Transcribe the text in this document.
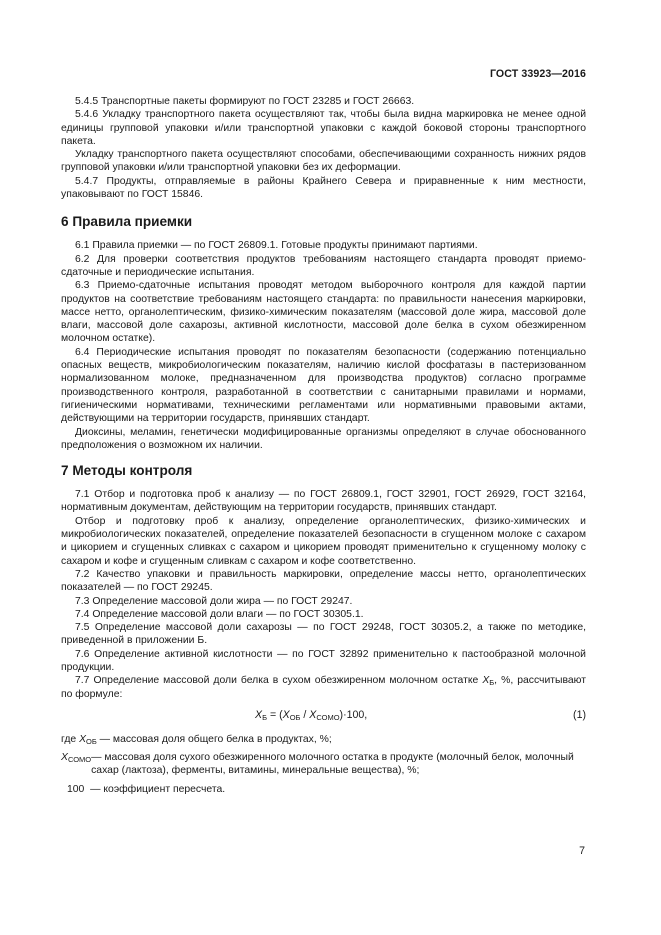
ГОСТ 33923—2016

5.4.5 Транспортные пакеты формируют по ГОСТ 23285 и ГОСТ 26663.

5.4.6 Укладку транспортного пакета осуществляют так, чтобы была видна маркировка не менее одной единицы групповой упаковки и/или транспортной упаковки с каждой боковой стороны транспортного пакета.

Укладку транспортного пакета осуществляют способами, обеспечивающими сохранность нижних рядов групповой упаковки и/или транспортной упаковки без их деформации.

5.4.7 Продукты, отправляемые в районы Крайнего Севера и приравненные к ним местности, упаковывают по ГОСТ 15846.

6 Правила приемки

6.1 Правила приемки — по ГОСТ 26809.1. Готовые продукты принимают партиями.

6.2 Для проверки соответствия продуктов требованиям настоящего стандарта проводят приемо-сдаточные и периодические испытания.

6.3 Приемо-сдаточные испытания проводят методом выборочного контроля для каждой партии продуктов на соответствие требованиям настоящего стандарта: по правильности нанесения маркировки, массе нетто, органолептическим, физико-химическим показателям (массовой доле жира, массовой доле влаги, массовой доле сахарозы, активной кислотности, массовой доле белка в сухом обезжиренном молочном остатке).

6.4 Периодические испытания проводят по показателям безопасности (содержанию потенциально опасных веществ, микробиологическим показателям, наличию кислой фосфатазы в пастеризованном нормализованном молоке, предназначенном для производства продуктов) согласно программе производственного контроля, разработанной в соответствии с санитарными правилами и нормами, гигиеническими нормативами, техническими регламентами или нормативными правовыми актами, действующими на территории государств, принявших стандарт.

Диоксины, меламин, генетически модифицированные организмы определяют в случае обоснованного предположения о возможном их наличии.

7 Методы контроля

7.1 Отбор и подготовка проб к анализу — по ГОСТ 26809.1, ГОСТ 32901, ГОСТ 26929, ГОСТ 32164, нормативным документам, действующим на территории государств, принявших стандарт.

Отбор и подготовку проб к анализу, определение органолептических, физико-химических и микробиологических показателей, определение показателей безопасности в сгущенном молоке с сахаром и цикорием и сгущенных сливках с сахаром и цикорием проводят применительно к сгущенному молоку с сахаром и кофе и сгущенным сливкам с сахаром и кофе соответственно.

7.2 Качество упаковки и правильность маркировки, определение массы нетто, органолептических показателей — по ГОСТ 29245.

7.3 Определение массовой доли жира — по ГОСТ 29247.

7.4 Определение массовой доли влаги — по ГОСТ 30305.1.

7.5 Определение массовой доли сахарозы — по ГОСТ 29248, ГОСТ 30305.2, а также по методике, приведенной в приложении Б.

7.6 Определение активной кислотности — по ГОСТ 32892 применительно к пастообразной молочной продукции.

7.7 Определение массовой доли белка в сухом обезжиренном молочном остатке $X_Б$, %, рассчитывают по формуле:

$X_Б = (X_{ОБ} / X_{СОМО})\cdot 100$,	(1)
где $X_{ОБ}$ — массовая доля общего белка в продуктах, %;
$X_{СОМО}$ — массовая доля сухого обезжиренного молочного остатка в продукте (молочный белок, молочный сахар (лактоза), ферменты, витамины, минеральные вещества), %;
100 — коэффициент пересчета.
7
